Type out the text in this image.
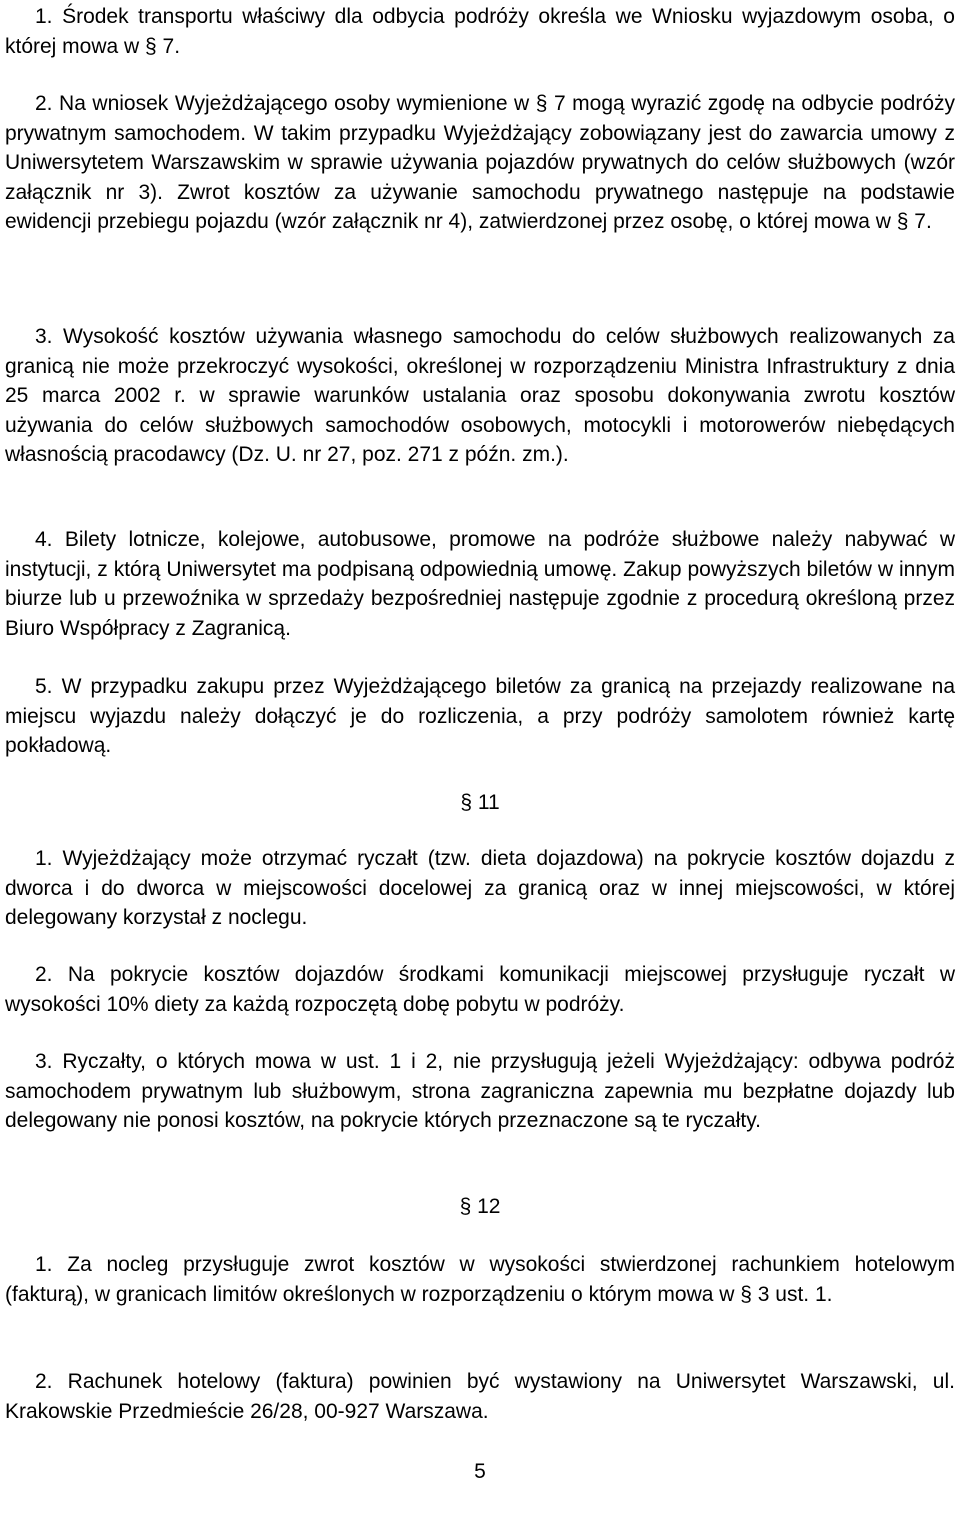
1. Środek transportu właściwy dla odbycia podróży określa we Wniosku wyjazdowym osoba, o której mowa w § 7.

2. Na wniosek Wyjeżdżającego osoby wymienione w § 7 mogą wyrazić zgodę na odbycie podróży prywatnym samochodem. W takim przypadku Wyjeżdżający zobowiązany jest do zawarcia umowy z Uniwersytetem Warszawskim w sprawie używania pojazdów prywatnych do celów służbowych (wzór załącznik nr 3). Zwrot kosztów za używanie samochodu prywatnego następuje na podstawie ewidencji przebiegu pojazdu (wzór załącznik nr 4), zatwierdzonej przez osobę, o której mowa w § 7.

3. Wysokość kosztów używania własnego samochodu do celów służbowych realizowanych za granicą nie może przekroczyć wysokości, określonej w rozporządzeniu Ministra Infrastruktury z dnia 25 marca 2002 r. w sprawie warunków ustalania oraz sposobu dokonywania zwrotu kosztów używania do celów służbowych samochodów osobowych, motocykli i motorowerów niebędących własnością pracodawcy (Dz. U. nr 27, poz. 271 z późn. zm.).

4. Bilety lotnicze, kolejowe, autobusowe, promowe na podróże służbowe należy nabywać w instytucji, z którą Uniwersytet ma podpisaną odpowiednią umowę. Zakup powyższych biletów w innym biurze lub u przewoźnika w sprzedaży bezpośredniej następuje zgodnie z procedurą określoną przez Biuro Współpracy z Zagranicą.

5. W przypadku zakupu przez Wyjeżdżającego biletów za granicą na przejazdy realizowane na miejscu wyjazdu należy dołączyć je do rozliczenia, a przy podróży samolotem również kartę pokładową.

§ 11

1. Wyjeżdżający może otrzymać ryczałt (tzw. dieta dojazdowa) na pokrycie kosztów dojazdu z dworca i do dworca w miejscowości docelowej za granicą oraz w innej miejscowości, w której delegowany korzystał z noclegu.

2. Na pokrycie kosztów dojazdów środkami komunikacji miejscowej przysługuje ryczałt w wysokości 10% diety za każdą rozpoczętą dobę pobytu w podróży.

3. Ryczałty, o których mowa w ust. 1 i 2, nie przysługują jeżeli Wyjeżdżający: odbywa podróż samochodem prywatnym lub służbowym, strona zagraniczna zapewnia mu bezpłatne dojazdy lub delegowany nie ponosi kosztów, na pokrycie których przeznaczone są te ryczałty.

§ 12

1. Za nocleg przysługuje zwrot kosztów w wysokości stwierdzonej rachunkiem hotelowym (fakturą), w granicach limitów określonych w rozporządzeniu o którym mowa w § 3 ust. 1.

2. Rachunek hotelowy (faktura) powinien być wystawiony na Uniwersytet Warszawski, ul. Krakowskie Przedmieście 26/28, 00-927 Warszawa.

5
